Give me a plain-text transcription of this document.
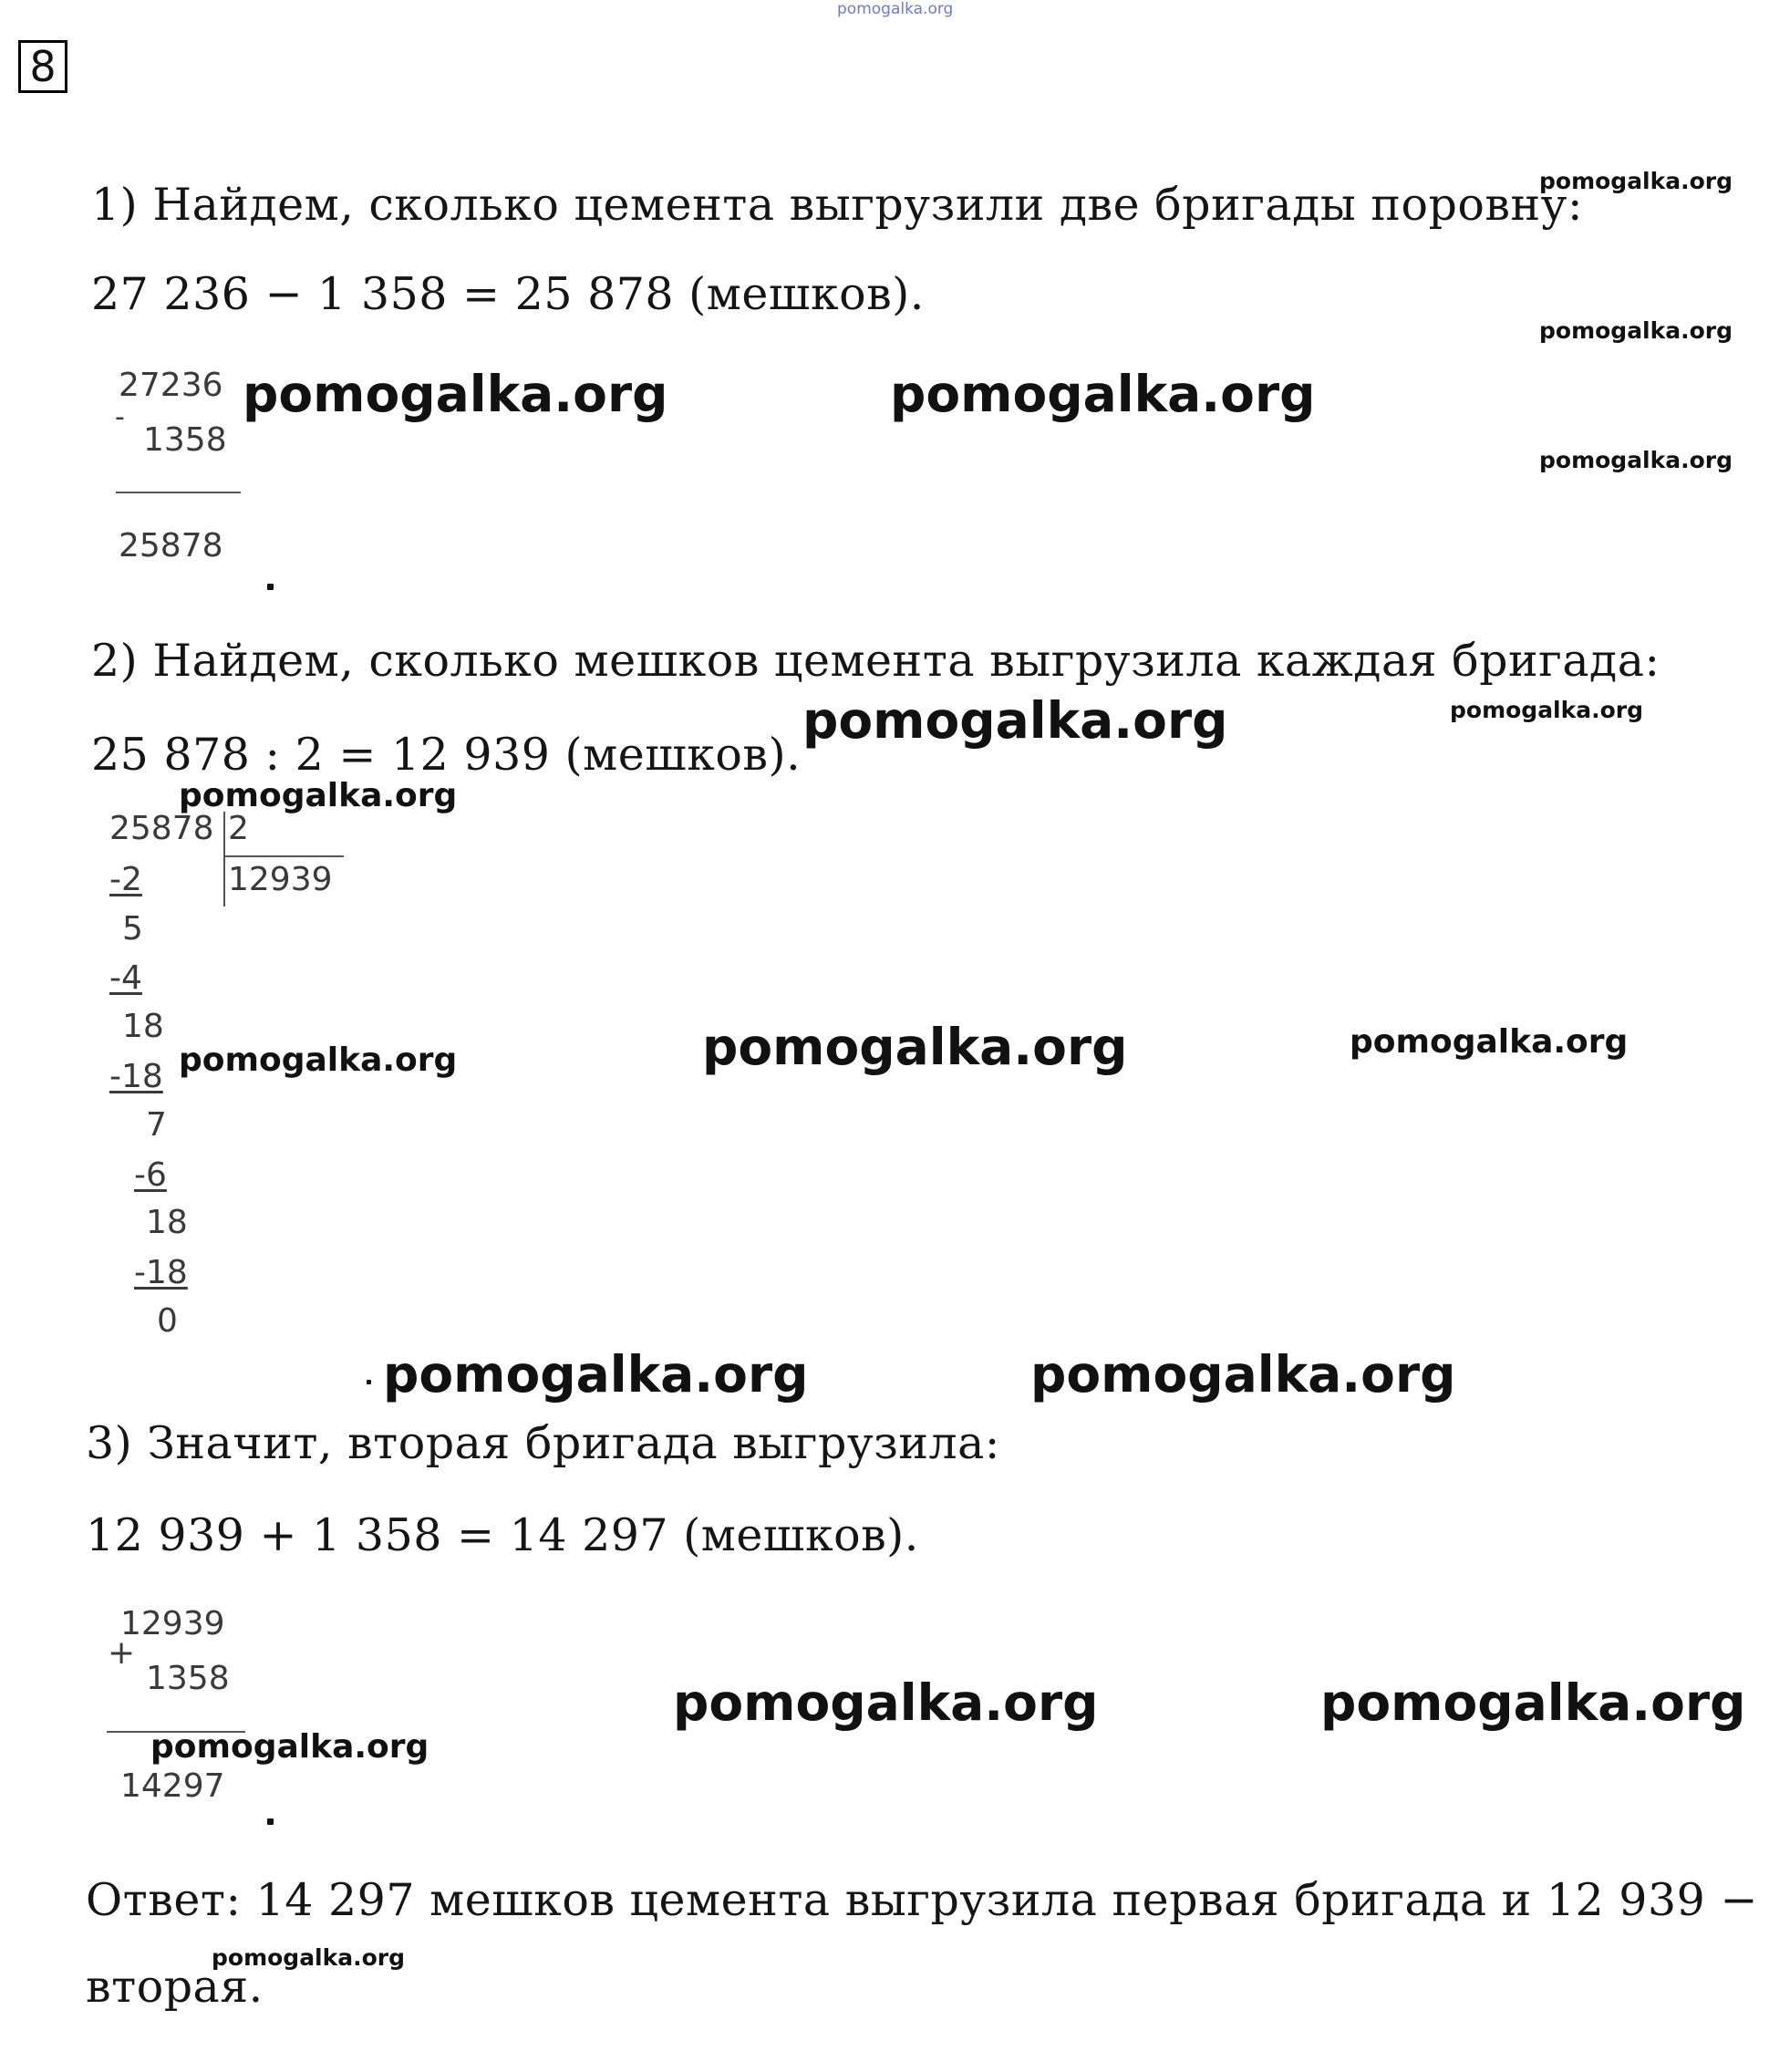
pomogalka.org
8
1) Найдем, сколько цемента выгрузили две бригады поровну:
27 236 − 1 358 = 25 878 (мешков).
27236
-
1358
25878
2) Найдем, сколько мешков цемента выгрузила каждая бригада:
25 878 : 2 = 12 939 (мешков).
25878 2
12939
-2
5
-4
18
-18
7
-6
18
-18
0
3) Значит, вторая бригада выгрузила:
12 939 + 1 358 = 14 297 (мешков).
12939
+
1358
14297
Ответ: 14 297 мешков цемента выгрузила первая бригада и 12 939 −
вторая.
pomogalka.org
pomogalka.org
pomogalka.org
pomogalka.org
pomogalka.org	pomogalka.org
pomogalka.org
pomogalka.org
pomogalka.org	pomogalka.org	pomogalka.org
pomogalka.org	pomogalka.org
pomogalka.org	pomogalka.org
pomogalka.org
pomogalka.org
